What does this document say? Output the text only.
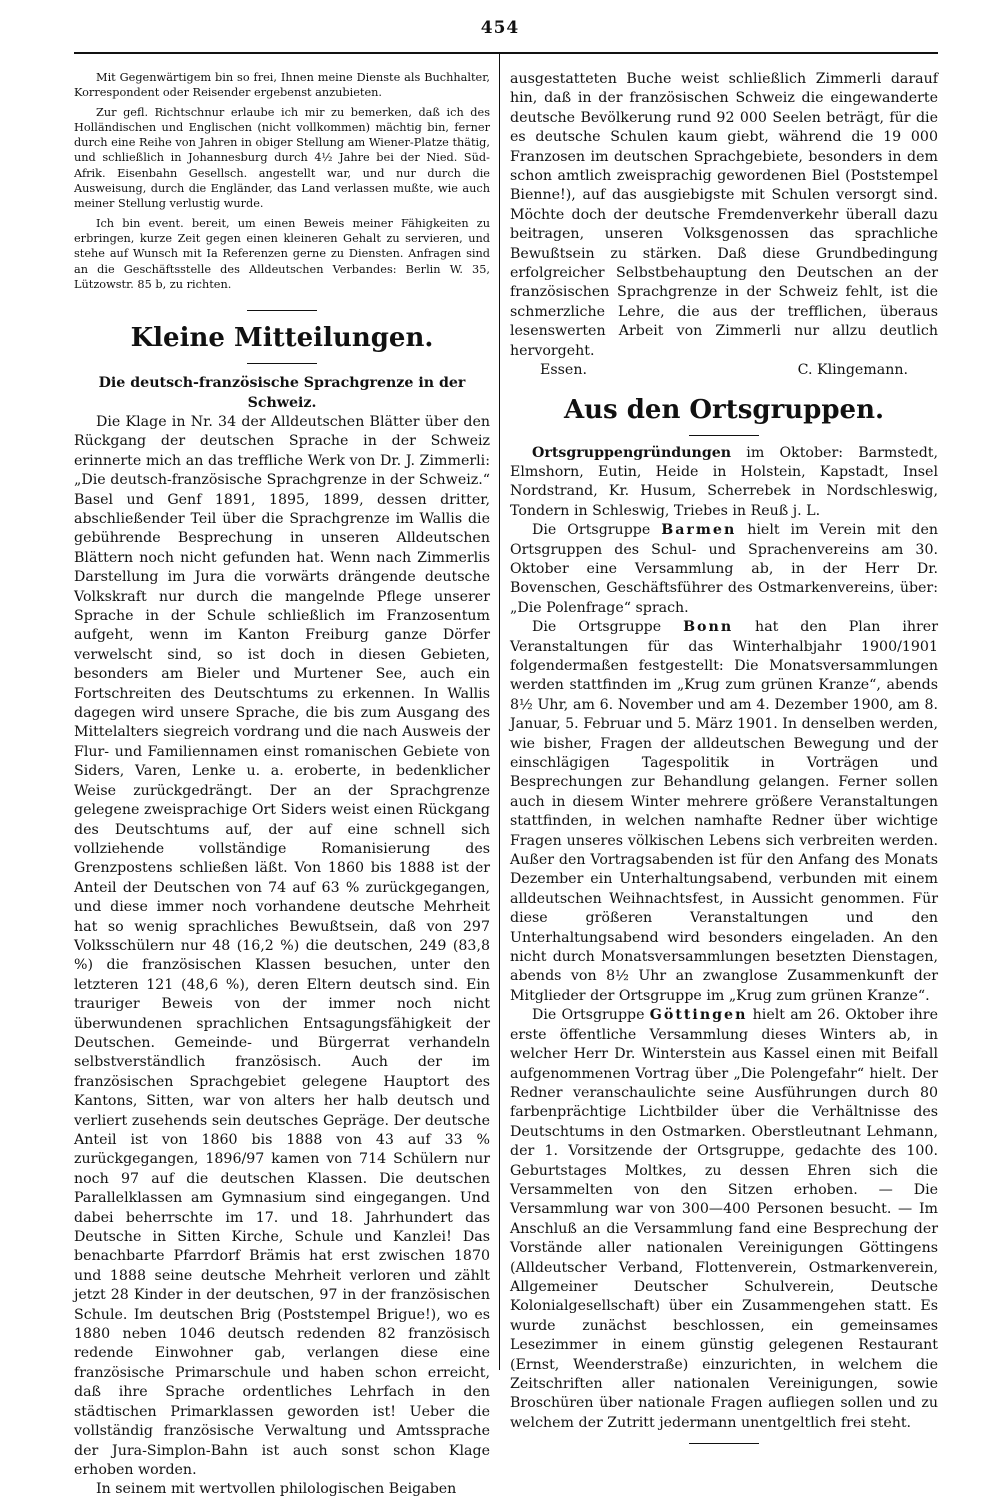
454

Mit Gegenwärtigem bin so frei, Ihnen meine Dienste als Buchhalter, Korrespondent oder Reisender ergebenst anzubieten.

Zur gefl. Richtschnur erlaube ich mir zu bemerken, daß ich des Holländischen und Englischen (nicht vollkommen) mächtig bin, ferner durch eine Reihe von Jahren in obiger Stellung am Wiener-Platze thätig, und schließlich in Johannesburg durch 4½ Jahre bei der Nied. Süd-Afrik. Eisenbahn Gesellsch. angestellt war, und nur durch die Ausweisung, durch die Engländer, das Land verlassen mußte, wie auch meiner Stellung verlustig wurde.

Ich bin event. bereit, um einen Beweis meiner Fähigkeiten zu erbringen, kurze Zeit gegen einen kleineren Gehalt zu servieren, und stehe auf Wunsch mit Ia Referenzen gerne zu Diensten. Anfragen sind an die Geschäftsstelle des Alldeutschen Verbandes: Berlin W. 35, Lützowstr. 85 b, zu richten.

Kleine Mitteilungen.

Die deutsch-französische Sprachgrenze in der Schweiz.

Die Klage in Nr. 34 der Alldeutschen Blätter über den Rückgang der deutschen Sprache in der Schweiz erinnerte mich an das treffliche Werk von Dr. J. Zimmerli: „Die deutsch-französische Sprachgrenze in der Schweiz.“ Basel und Genf 1891, 1895, 1899, dessen dritter, abschließender Teil über die Sprachgrenze im Wallis die gebührende Besprechung in unseren Alldeutschen Blättern noch nicht gefunden hat. Wenn nach Zimmerlis Darstellung im Jura die vorwärts drängende deutsche Volkskraft nur durch die mangelnde Pflege unserer Sprache in der Schule schließlich im Franzosentum aufgeht, wenn im Kanton Freiburg ganze Dörfer verwelscht sind, so ist doch in diesen Gebieten, besonders am Bieler und Murtener See, auch ein Fortschreiten des Deutschtums zu erkennen. In Wallis dagegen wird unsere Sprache, die bis zum Ausgang des Mittelalters siegreich vordrang und die nach Ausweis der Flur- und Familiennamen einst romanischen Gebiete von Siders, Varen, Lenke u. a. eroberte, in bedenklicher Weise zurückgedrängt. Der an der Sprachgrenze gelegene zweisprachige Ort Siders weist einen Rückgang des Deutschtums auf, der auf eine schnell sich vollziehende vollständige Romanisierung des Grenzpostens schließen läßt. Von 1860 bis 1888 ist der Anteil der Deutschen von 74 auf 63 % zurückgegangen, und diese immer noch vorhandene deutsche Mehrheit hat so wenig sprachliches Bewußtsein, daß von 297 Volksschülern nur 48 (16,2 %) die deutschen, 249 (83,8 %) die französischen Klassen besuchen, unter den letzteren 121 (48,6 %), deren Eltern deutsch sind. Ein trauriger Beweis von der immer noch nicht überwundenen sprachlichen Entsagungsfähigkeit der Deutschen. Gemeinde- und Bürgerrat verhandeln selbstverständlich französisch. Auch der im französischen Sprachgebiet gelegene Hauptort des Kantons, Sitten, war von alters her halb deutsch und verliert zusehends sein deutsches Gepräge. Der deutsche Anteil ist von 1860 bis 1888 von 43 auf 33 % zurückgegangen, 1896/97 kamen von 714 Schülern nur noch 97 auf die deutschen Klassen. Die deutschen Parallelklassen am Gymnasium sind eingegangen. Und dabei beherrschte im 17. und 18. Jahrhundert das Deutsche in Sitten Kirche, Schule und Kanzlei! Das benachbarte Pfarrdorf Brämis hat erst zwischen 1870 und 1888 seine deutsche Mehrheit verloren und zählt jetzt 28 Kinder in der deutschen, 97 in der französischen Schule. Im deutschen Brig (Poststempel Brigue!), wo es 1880 neben 1046 deutsch redenden 82 französisch redende Einwohner gab, verlangen diese eine französische Primarschule und haben schon erreicht, daß ihre Sprache ordentliches Lehrfach in den städtischen Primarklassen geworden ist! Ueber die vollständig französische Verwaltung und Amtssprache der Jura-Simplon-Bahn ist auch sonst schon Klage erhoben worden.

In seinem mit wertvollen philologischen Beigaben

ausgestatteten Buche weist schließlich Zimmerli darauf hin, daß in der französischen Schweiz die eingewanderte deutsche Bevölkerung rund 92 000 Seelen beträgt, für die es deutsche Schulen kaum giebt, während die 19 000 Franzosen im deutschen Sprachgebiete, besonders in dem schon amtlich zweisprachig gewordenen Biel (Poststempel Bienne!), auf das ausgiebigste mit Schulen versorgt sind. Möchte doch der deutsche Fremdenverkehr überall dazu beitragen, unseren Volksgenossen das sprachliche Bewußtsein zu stärken. Daß diese Grundbedingung erfolgreicher Selbstbehauptung den Deutschen an der französischen Sprachgrenze in der Schweiz fehlt, ist die schmerzliche Lehre, die aus der trefflichen, überaus lesenswerten Arbeit von Zimmerli nur allzu deutlich hervorgeht.

Essen.	C. Klingemann.
Aus den Ortsgruppen.

Ortsgruppengründungen im Oktober: Barmstedt, Elmshorn, Eutin, Heide in Holstein, Kapstadt, Insel Nordstrand, Kr. Husum, Scherrebek in Nordschleswig, Tondern in Schleswig, Triebes in Reuß j. L.

Die Ortsgruppe Barmen hielt im Verein mit den Ortsgruppen des Schul- und Sprachenvereins am 30. Oktober eine Versammlung ab, in der Herr Dr. Bovenschen, Geschäftsführer des Ostmarkenvereins, über: „Die Polenfrage“ sprach.

Die Ortsgruppe Bonn hat den Plan ihrer Veranstaltungen für das Winterhalbjahr 1900/1901 folgendermaßen festgestellt: Die Monatsversammlungen werden stattfinden im „Krug zum grünen Kranze“, abends 8½ Uhr, am 6. November und am 4. Dezember 1900, am 8. Januar, 5. Februar und 5. März 1901. In denselben werden, wie bisher, Fragen der alldeutschen Bewegung und der einschlägigen Tagespolitik in Vorträgen und Besprechungen zur Behandlung gelangen. Ferner sollen auch in diesem Winter mehrere größere Veranstaltungen stattfinden, in welchen namhafte Redner über wichtige Fragen unseres völkischen Lebens sich verbreiten werden. Außer den Vortragsabenden ist für den Anfang des Monats Dezember ein Unterhaltungsabend, verbunden mit einem alldeutschen Weihnachtsfest, in Aussicht genommen. Für diese größeren Veranstaltungen und den Unterhaltungsabend wird besonders eingeladen. An den nicht durch Monatsversammlungen besetzten Dienstagen, abends von 8½ Uhr an zwanglose Zusammenkunft der Mitglieder der Ortsgruppe im „Krug zum grünen Kranze“.

Die Ortsgruppe Göttingen hielt am 26. Oktober ihre erste öffentliche Versammlung dieses Winters ab, in welcher Herr Dr. Winterstein aus Kassel einen mit Beifall aufgenommenen Vortrag über „Die Polengefahr“ hielt. Der Redner veranschaulichte seine Ausführungen durch 80 farbenprächtige Lichtbilder über die Verhältnisse des Deutschtums in den Ostmarken. Oberstleutnant Lehmann, der 1. Vorsitzende der Ortsgruppe, gedachte des 100. Geburtstages Moltkes, zu dessen Ehren sich die Versammelten von den Sitzen erhoben. — Die Versammlung war von 300—400 Personen besucht. — Im Anschluß an die Versammlung fand eine Besprechung der Vorstände aller nationalen Vereinigungen Göttingens (Alldeutscher Verband, Flottenverein, Ostmarkenverein, Allgemeiner Deutscher Schulverein, Deutsche Kolonialgesellschaft) über ein Zusammengehen statt. Es wurde zunächst beschlossen, ein gemeinsames Lesezimmer in einem günstig gelegenen Restaurant (Ernst, Weenderstraße) einzurichten, in welchem die Zeitschriften aller nationalen Vereinigungen, sowie Broschüren über nationale Fragen aufliegen sollen und zu welchem der Zutritt jedermann unentgeltlich frei steht.
